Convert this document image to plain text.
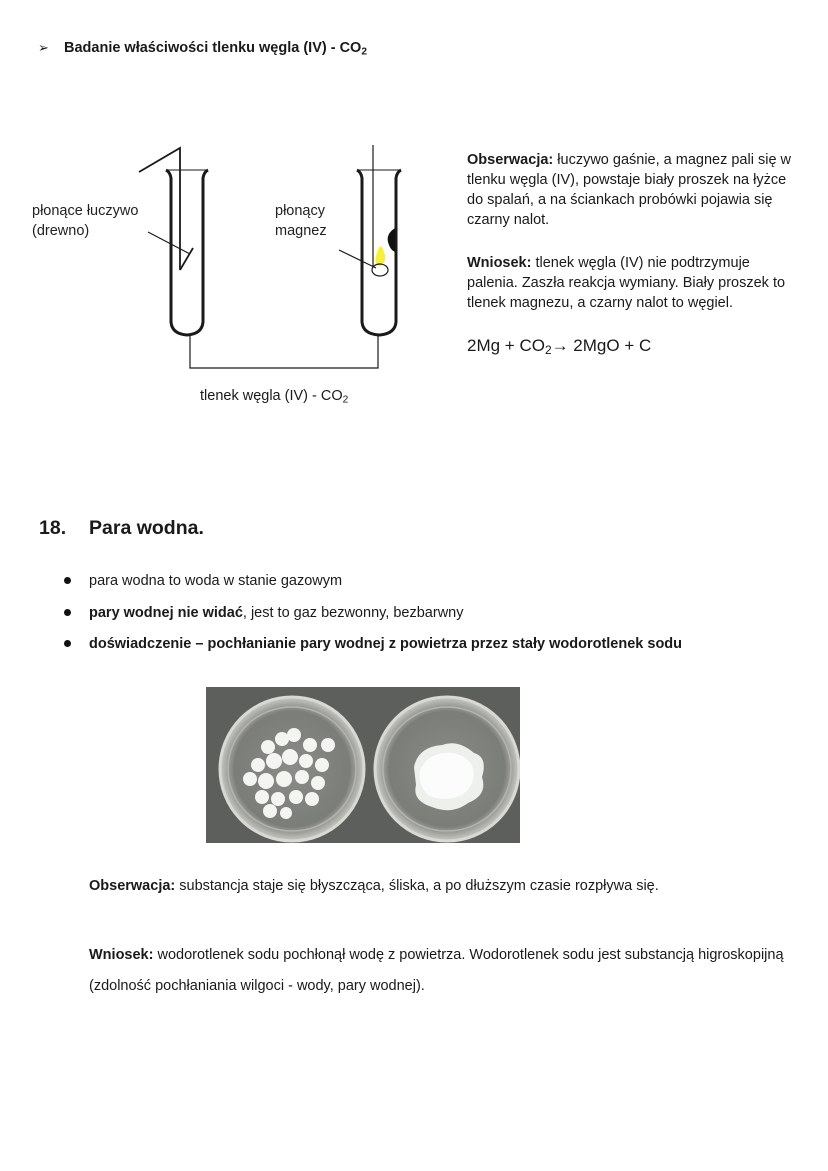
➢ Badanie właściwości tlenku węgla $(IV) - CO_2$
płonące łuczywo
(drewno)
płonący
magnez
tlenek węgla $(IV) - CO_2$
Obserwacja: łuczywo gaśnie, a magnez pali się w tlenku węgla (IV), powstaje biały proszek na łyżce do spalań, a na ściankach probówki pojawia się czarny nalot.
Wniosek: tlenek węgla (IV) nie podtrzymuje palenia. Zaszła reakcja wymiany. Biały proszek to tlenek magnezu, a czarny nalot to węgiel.
$2Mg + CO_2\to 2MgO + C$
18. Para wodna.
para wodna to woda w stanie gazowym
pary wodnej nie widać, jest to gaz bezwonny, bezbarwny
doświadczenie – pochłanianie pary wodnej z powietrza przez stały wodorotlenek sodu
Obserwacja: substancja staje się błyszcząca, śliska, a po dłuższym czasie rozpływa się.
Wniosek: wodorotlenek sodu pochłonął wodę z powietrza. Wodorotlenek sodu jest substancją higroskopijną (zdolność pochłaniania wilgoci - wody, pary wodnej).
